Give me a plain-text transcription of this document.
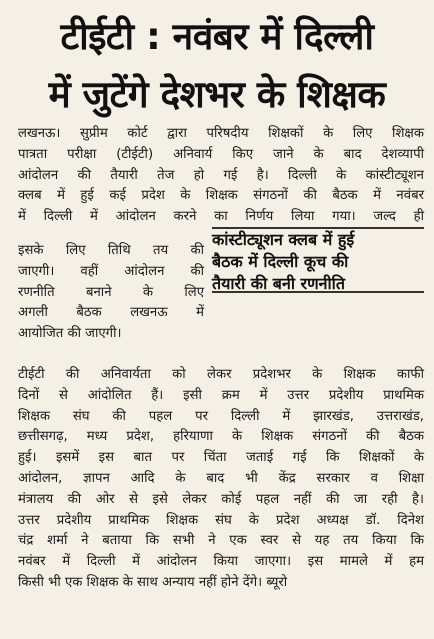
टीईटी : नवंबर में दिल्ली
में जुटेंगे देशभर के शिक्षक
लखनऊ। सुप्रीम कोर्ट द्वारा परिषदीय शिक्षकों के लिए शिक्षक
पात्रता परीक्षा (टीईटी) अनिवार्य किए जाने के बाद देशव्यापी
आंदोलन की तैयारी तेज हो गई है। दिल्ली के कांस्टीट्यूशन
क्लब में हुई कई प्रदेश के शिक्षक संगठनों की बैठक में नवंबर
में दिल्ली में आंदोलन करने का निर्णय लिया गया। जल्द ही
इसके लिए तिथि तय की
जाएगी। वहीं आंदोलन की
रणनीति बनाने के लिए
अगली बैठक लखनऊ में
आयोजित की जाएगी।
कांस्टीट्यूशन क्लब में हुई
बैठक में दिल्ली कूच की
तैयारी की बनी रणनीति
टीईटी की अनिवार्यता को लेकर प्रदेशभर के शिक्षक काफी
दिनों से आंदोलित हैं। इसी क्रम में उत्तर प्रदेशीय प्राथमिक
शिक्षक संघ की पहल पर दिल्ली में झारखंड, उत्तराखंड,
छत्तीसगढ़, मध्य प्रदेश, हरियाणा के शिक्षक संगठनों की बैठक
हुई। इसमें इस बात पर चिंता जताई गई कि शिक्षकों के
आंदोलन, ज्ञापन आदि के बाद भी केंद्र सरकार व शिक्षा
मंत्रालय की ओर से इसे लेकर कोई पहल नहीं की जा रही है।
उत्तर प्रदेशीय प्राथमिक शिक्षक संघ के प्रदेश अध्यक्ष डॉ. दिनेश
चंद्र शर्मा ने बताया कि सभी ने एक स्वर से यह तय किया कि
नवंबर में दिल्ली में आंदोलन किया जाएगा। इस मामले में हम
किसी भी एक शिक्षक के साथ अन्याय नहीं होने देंगे। ब्यूरो
